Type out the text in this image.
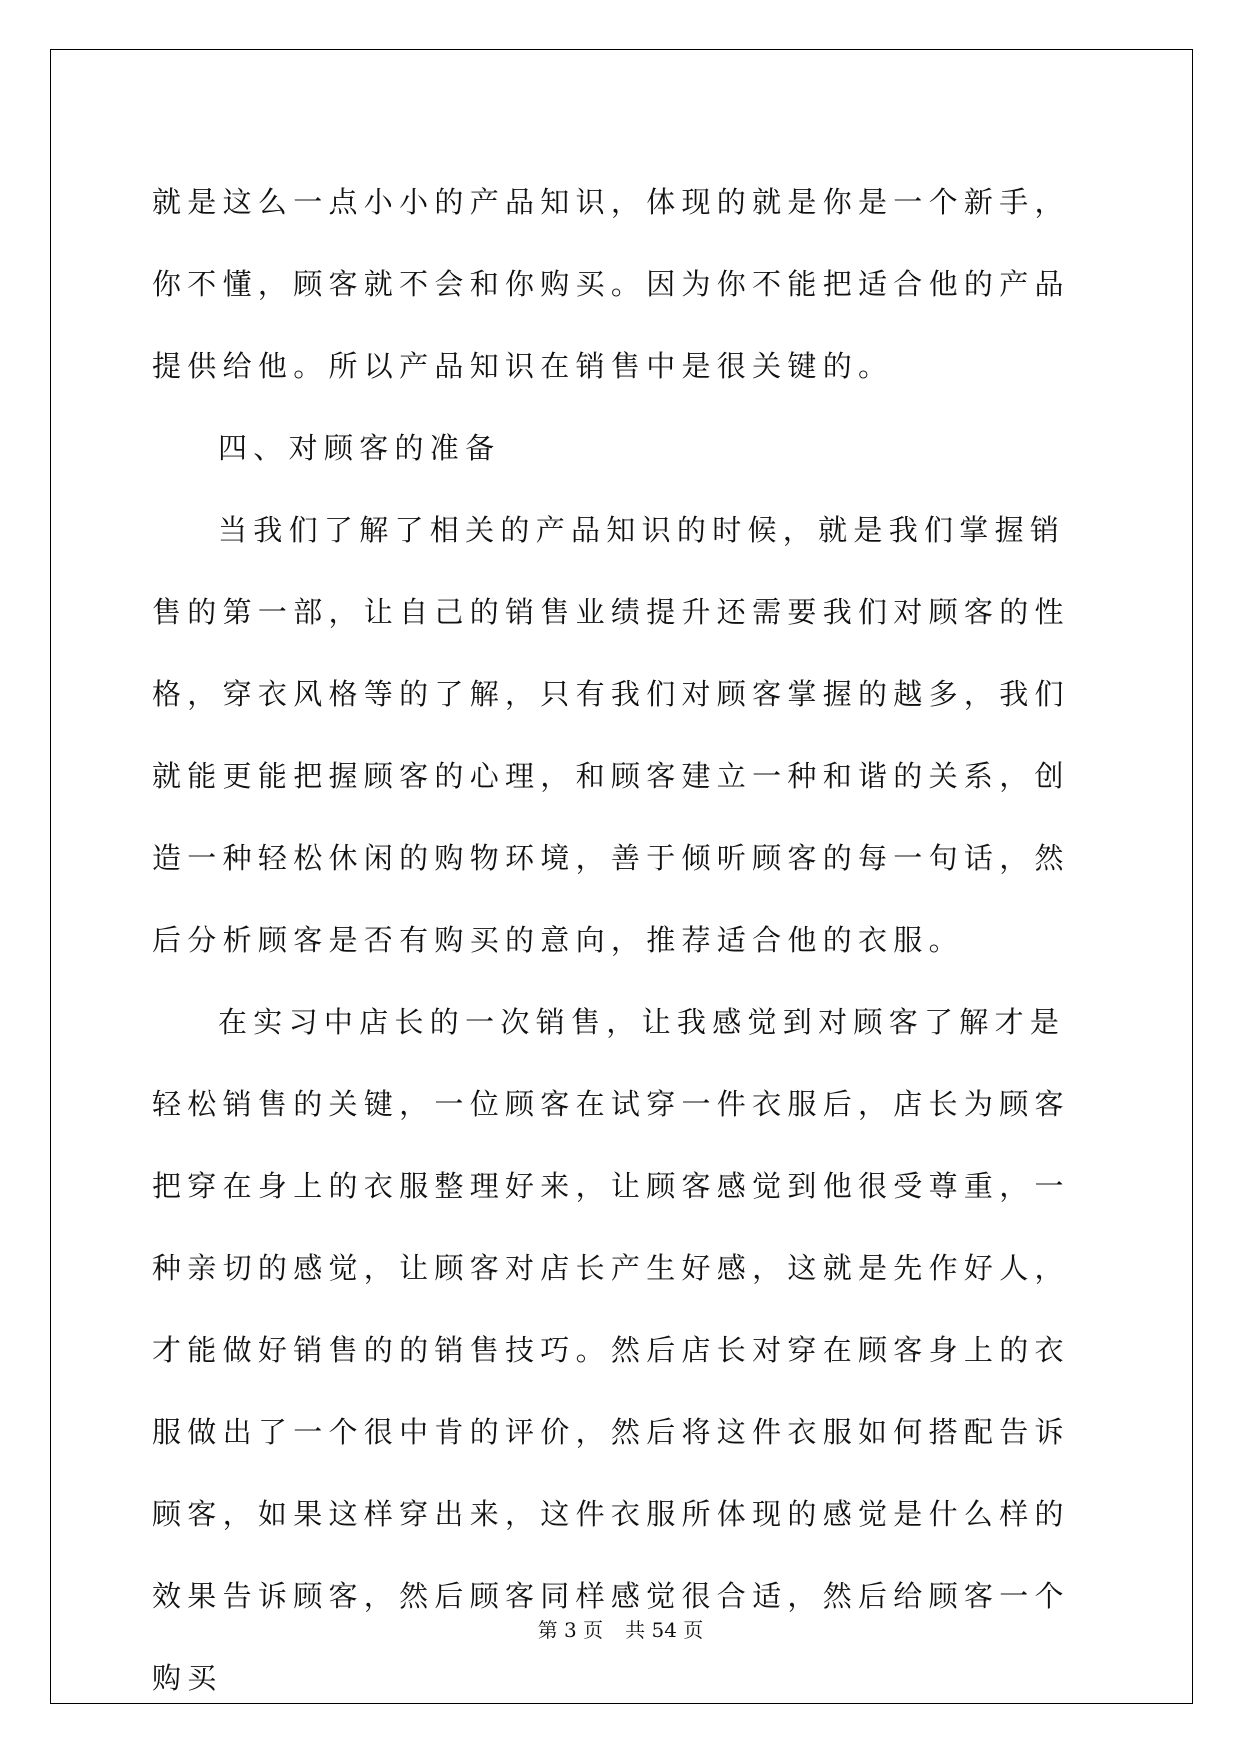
就是这么一点小小的产品知识，体现的就是你是一个新手，你不懂，顾客就不会和你购买。因为你不能把适合他的产品提供给他。所以产品知识在销售中是很关键的。

四、对顾客的准备

当我们了解了相关的产品知识的时候，就是我们掌握销售的第一部，让自己的销售业绩提升还需要我们对顾客的性格，穿衣风格等的了解，只有我们对顾客掌握的越多，我们就能更能把握顾客的心理，和顾客建立一种和谐的关系，创造一种轻松休闲的购物环境，善于倾听顾客的每一句话，然后分析顾客是否有购买的意向，推荐适合他的衣服。

在实习中店长的一次销售，让我感觉到对顾客了解才是轻松销售的关键，一位顾客在试穿一件衣服后，店长为顾客把穿在身上的衣服整理好来，让顾客感觉到他很受尊重，一种亲切的感觉，让顾客对店长产生好感，这就是先作好人，才能做好销售的的销售技巧。然后店长对穿在顾客身上的衣服做出了一个很中肯的评价，然后将这件衣服如何搭配告诉顾客，如果这样穿出来，这件衣服所体现的感觉是什么样的效果告诉顾客，然后顾客同样感觉很合适，然后给顾客一个购买

第 3 页 共 54 页
